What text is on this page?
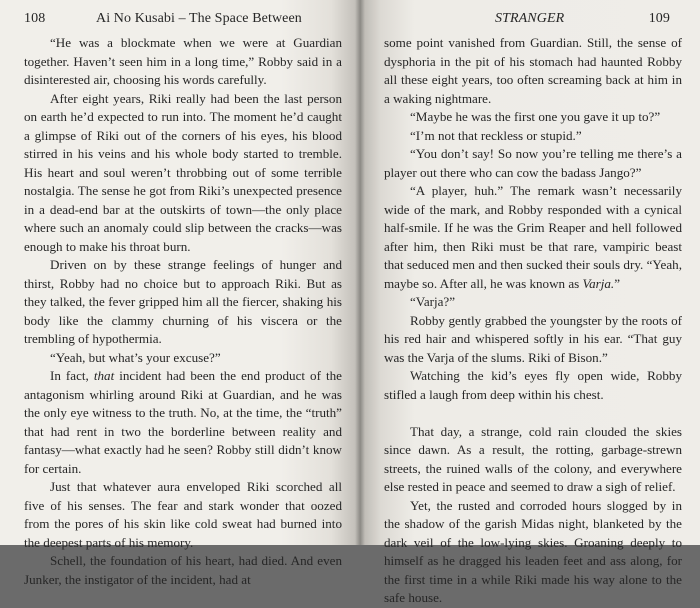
108	Ai No Kusabi – The Space Between

“He was a blockmate when we were at Guardian together. Haven’t seen him in a long time,” Robby said in a disinterested air, choosing his words carefully.

After eight years, Riki really had been the last person on earth he’d expected to run into. The moment he’d caught a glimpse of Riki out of the corners of his eyes, his blood stirred in his veins and his whole body started to tremble. His heart and soul weren’t throbbing out of some terrible nostalgia. The sense he got from Riki’s unexpected presence in a dead-end bar at the outskirts of town—the only place where such an anomaly could slip between the cracks—was enough to make his throat burn.

Driven on by these strange feelings of hunger and thirst, Robby had no choice but to approach Riki. But as they talked, the fever gripped him all the fiercer, shaking his body like the clammy churning of his viscera or the trembling of hypothermia.

“Yeah, but what’s your excuse?”

In fact, that incident had been the end product of the antagonism whirling around Riki at Guardian, and he was the only eye witness to the truth. No, at the time, the “truth” that had rent in two the borderline between reality and fantasy—what exactly had he seen? Robby still didn’t know for certain.

Just that whatever aura enveloped Riki scorched all five of his senses. The fear and stark wonder that oozed from the pores of his skin like cold sweat had burned into the deepest parts of his memory.

Schell, the foundation of his heart, had died. And even Junker, the instigator of the incident, had at

STRANGER	109

some point vanished from Guardian. Still, the sense of dysphoria in the pit of his stomach had haunted Robby all these eight years, too often screaming back at him in a waking nightmare.

“Maybe he was the first one you gave it up to?”

“I’m not that reckless or stupid.”

“You don’t say! So now you’re telling me there’s a player out there who can cow the badass Jango?”

“A player, huh.” The remark wasn’t necessarily wide of the mark, and Robby responded with a cynical half-smile. If he was the Grim Reaper and hell followed after him, then Riki must be that rare, vampiric beast that seduced men and then sucked their souls dry. “Yeah, maybe so. After all, he was known as Varja.”

“Varja?”

Robby gently grabbed the youngster by the roots of his red hair and whispered softly in his ear. “That guy was the Varja of the slums. Riki of Bison.”

Watching the kid’s eyes fly open wide, Robby stifled a laugh from deep within his chest.

That day, a strange, cold rain clouded the skies since dawn. As a result, the rotting, garbage-strewn streets, the ruined walls of the colony, and everywhere else rested in peace and seemed to draw a sigh of relief.

Yet, the rusted and corroded hours slogged by in the shadow of the garish Midas night, blanketed by the dark veil of the low-lying skies. Groaning deeply to himself as he dragged his leaden feet and ass along, for the first time in a while Riki made his way alone to the safe house.
